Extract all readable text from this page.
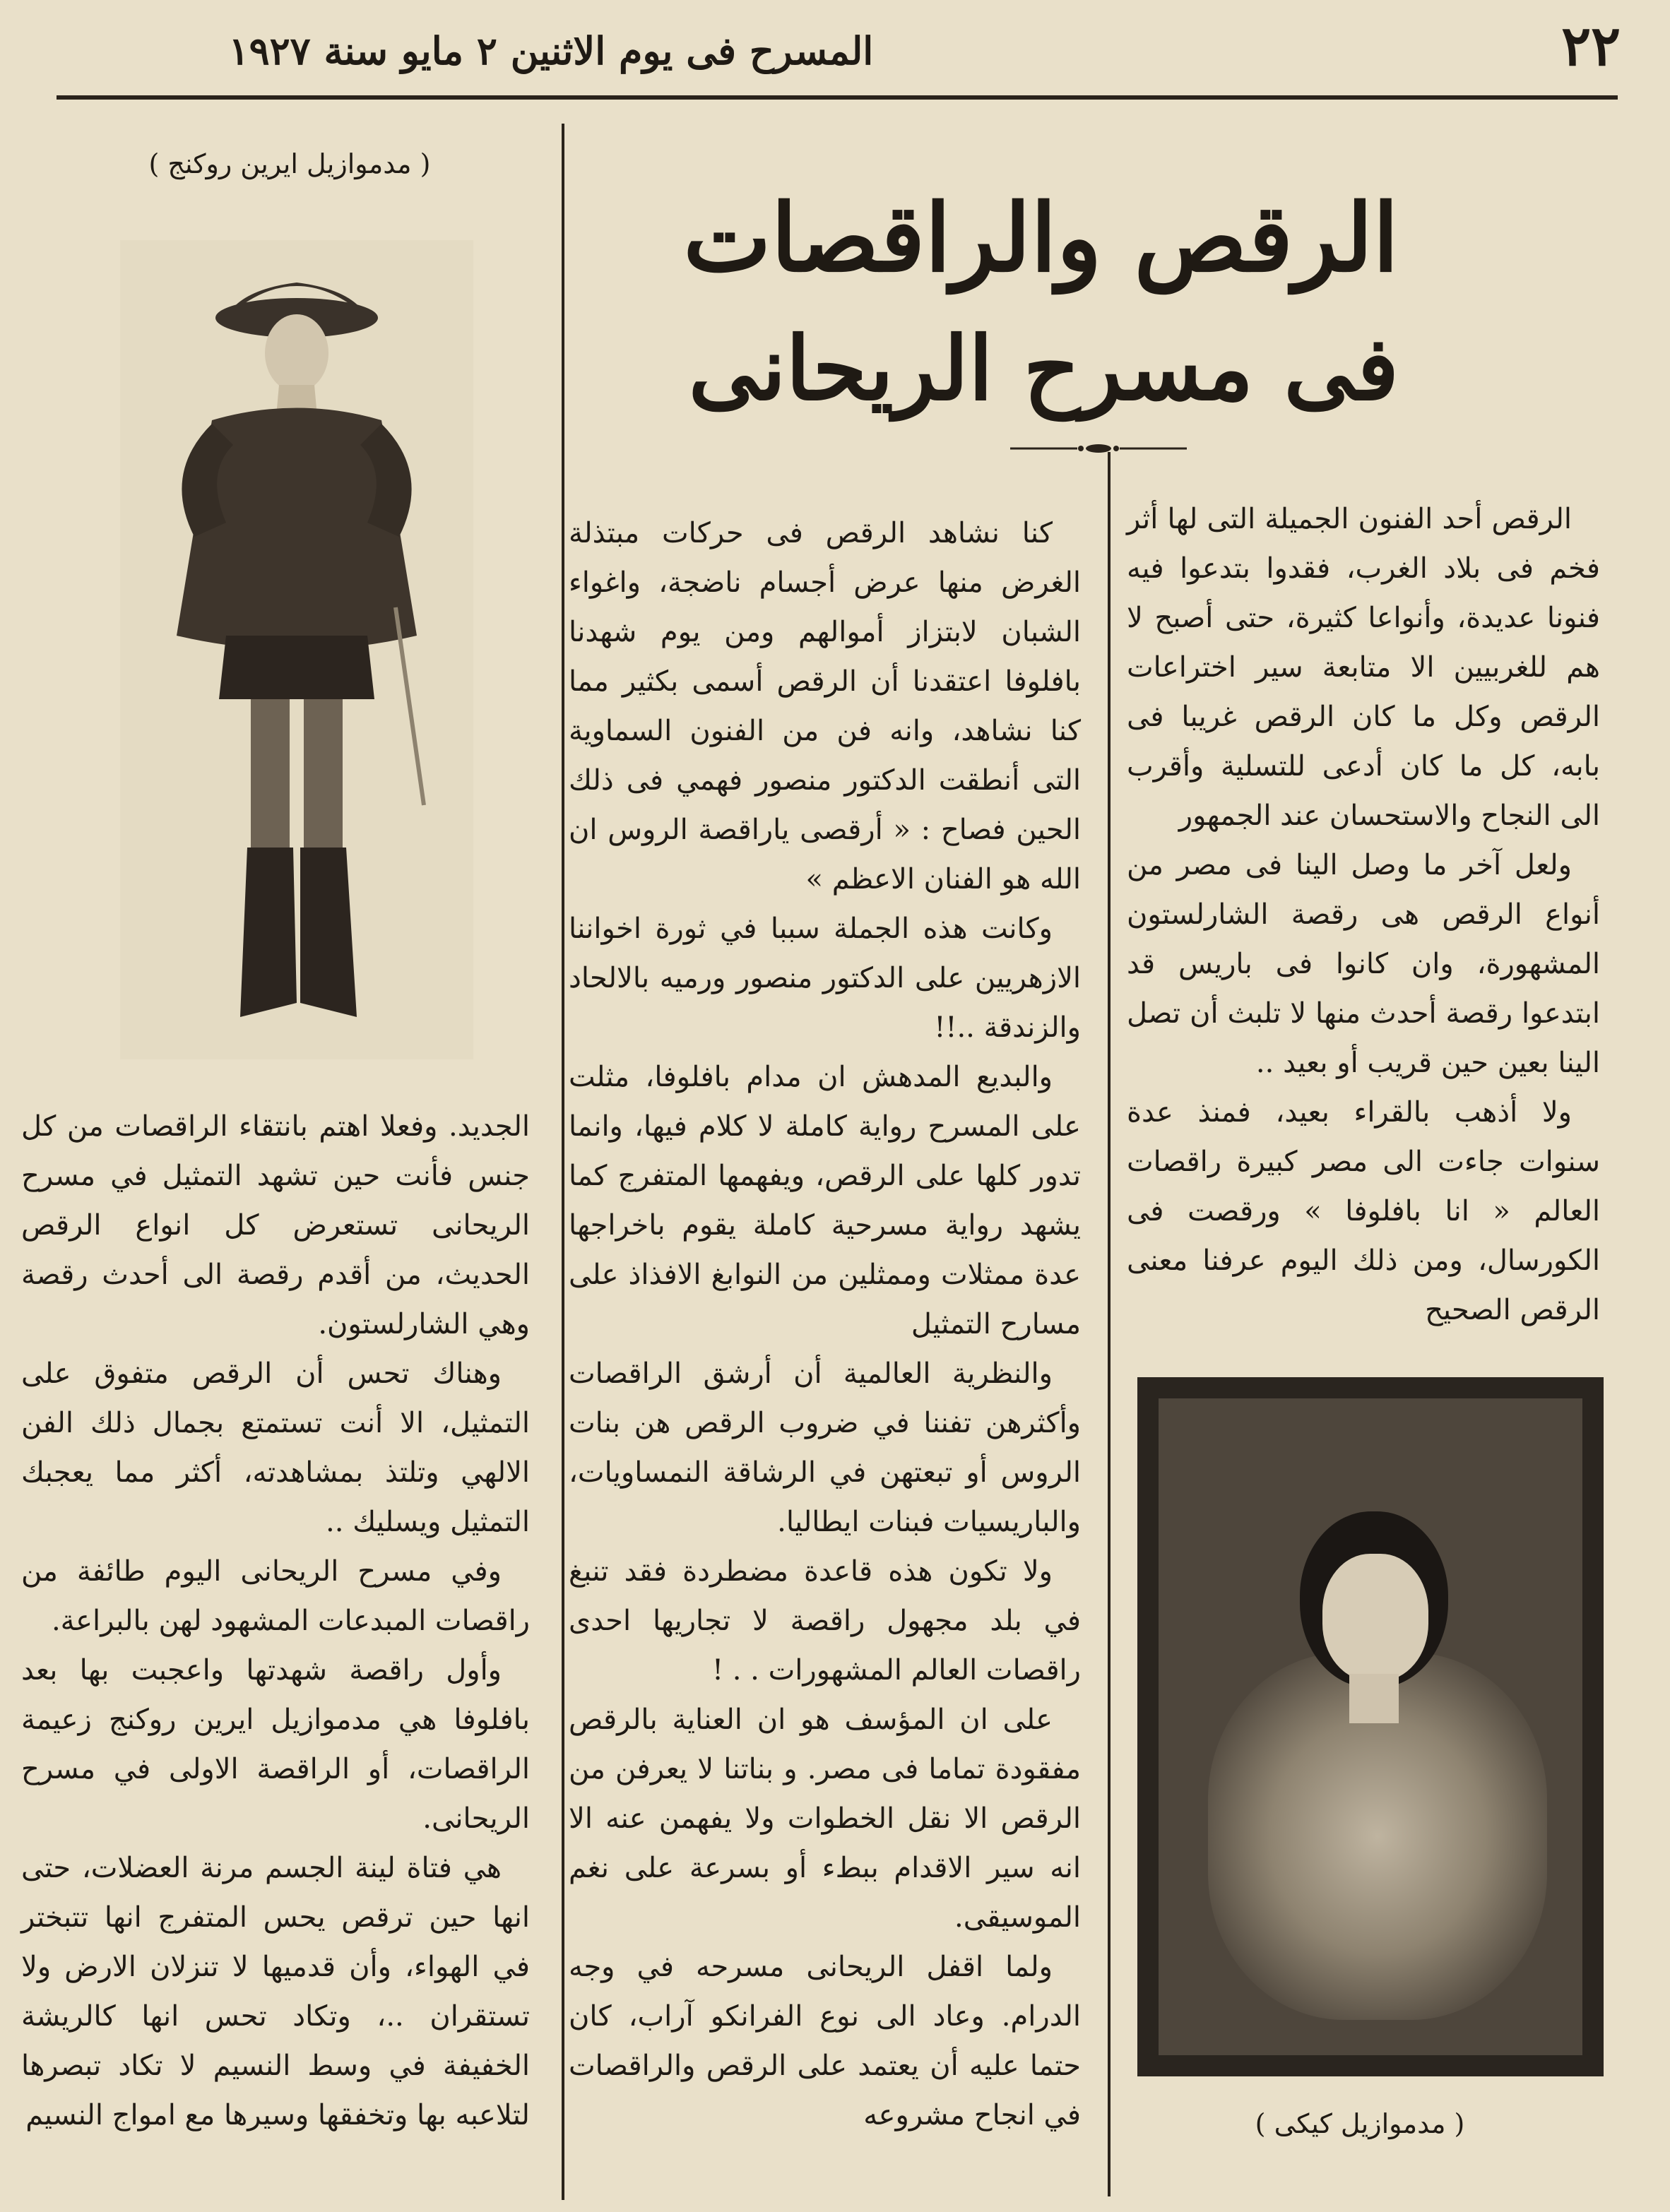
٢٢
المسرح فى يوم الاثنين ٢ مايو سنة ١٩٢٧
الرقص والراقصات
فى مسرح الريحانى

الرقص أحد الفنون الجميلة التى لها أثر فخم فى بلاد الغرب، فقدوا بتدعوا فيه فنونا عديدة، وأنواعا كثيرة، حتى أصبح لا هم للغربيين الا متابعة سير اختراعات الرقص وكل ما كان الرقص غريبا فى بابه، كل ما كان أدعى للتسلية وأقرب الى النجاح والاستحسان عند الجمهور

ولعل آخر ما وصل الينا فى مصر من أنواع الرقص هى رقصة الشارلستون المشهورة، وان كانوا فى باريس قد ابتدعوا رقصة أحدث منها لا تلبث أن تصل الينا بعين حين قريب أو بعيد ..

ولا أذهب بالقراء بعيد، فمنذ عدة سنوات جاءت الى مصر كبيرة راقصات العالم « انا بافلوفا » ورقصت فى الكورسال، ومن ذلك اليوم عرفنا معنى الرقص الصحيح

كنا نشاهد الرقص فى حركات مبتذلة الغرض منها عرض أجسام ناضجة، واغواء الشبان لابتزاز أموالهم ومن يوم شهدنا بافلوفا اعتقدنا أن الرقص أسمى بكثير مما كنا نشاهد، وانه فن من الفنون السماوية التى أنطقت الدكتور منصور فهمي فى ذلك الحين فصاح : « أرقصى ياراقصة الروس ان الله هو الفنان الاعظم »

وكانت هذه الجملة سببا في ثورة اخواننا الازهريين على الدكتور منصور ورميه بالالحاد والزندقة ..!!

والبديع المدهش ان مدام بافلوفا، مثلت على المسرح رواية كاملة لا كلام فيها، وانما تدور كلها على الرقص، ويفهمها المتفرج كما يشهد رواية مسرحية كاملة يقوم باخراجها عدة ممثلات وممثلين من النوابغ الافذاذ على مسارح التمثيل

والنظرية العالمية أن أرشق الراقصات وأكثرهن تفننا في ضروب الرقص هن بنات الروس أو تبعتهن في الرشاقة النمساويات، والباريسيات فبنات ايطاليا.

ولا تكون هذه قاعدة مضطردة فقد تنبغ في بلد مجهول راقصة لا تجاريها احدى راقصات العالم المشهورات . . !

على ان المؤسف هو ان العناية بالرقص مفقودة تماما فى مصر. و بناتنا لا يعرفن من الرقص الا نقل الخطوات ولا يفهمن عنه الا انه سير الاقدام ببطء أو بسرعة على نغم الموسيقى.

ولما اقفل الريحانى مسرحه في وجه الدرام. وعاد الى نوع الفرانكو آراب، كان حتما عليه أن يعتمد على الرقص والراقصات في انجاح مشروعه

الجديد. وفعلا اهتم بانتقاء الراقصات من كل جنس فأنت حين تشهد التمثيل في مسرح الريحانى تستعرض كل انواع الرقص الحديث، من أقدم رقصة الى أحدث رقصة وهي الشارلستون.

وهناك تحس أن الرقص متفوق على التمثيل، الا أنت تستمتع بجمال ذلك الفن الالهي وتلتذ بمشاهدته، أكثر مما يعجبك التمثيل ويسليك ..

وفي مسرح الريحانى اليوم طائفة من راقصات المبدعات المشهود لهن بالبراعة.

وأول راقصة شهدتها واعجبت بها بعد بافلوفا هي مدموازيل ايرين روكنج زعيمة الراقصات، أو الراقصة الاولى في مسرح الريحانى.

هي فتاة لينة الجسم مرنة العضلات، حتى انها حين ترقص يحس المتفرج انها تتبختر في الهواء، وأن قدميها لا تنزلان الارض ولا تستقران ..، وتكاد تحس انها كالريشة الخفيفة في وسط النسيم لا تكاد تبصرها لتلاعبه بها وتخفقها وسيرها مع امواج النسيم

( مدموازيل ايرين روكنج )
( مدموازيل كيكى )
